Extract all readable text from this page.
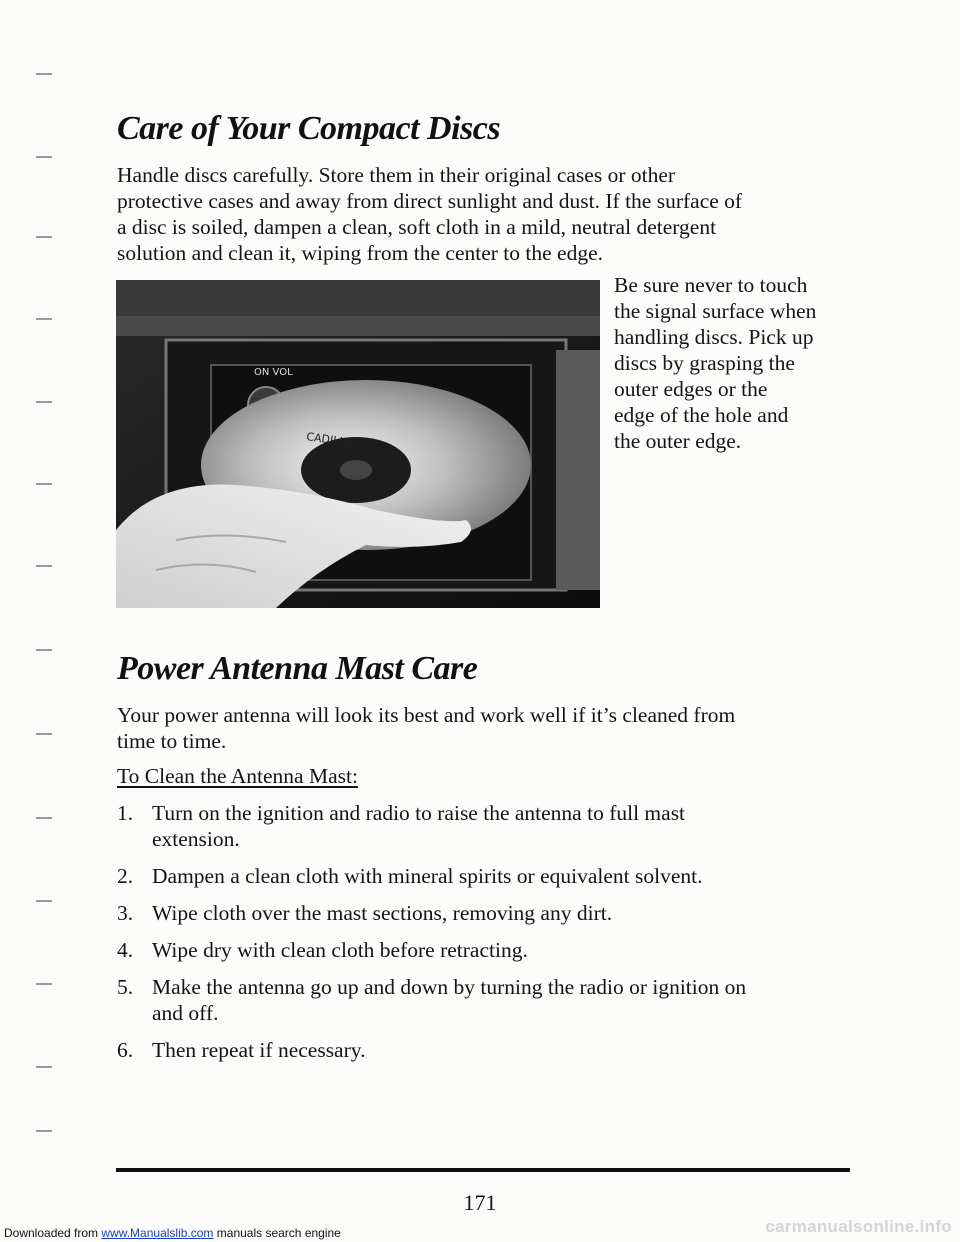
Care of Your Compact Discs
Handle discs carefully. Store them in their original cases or other
protective cases and away from direct sunlight and dust. If the surface of
a disc is soiled, dampen a clean, soft cloth in a mild, neutral detergent
solution and clean it, wiping from the center to the edge.
ON VOL
CADILLAC
Be sure never to touch
the signal surface when
handling discs. Pick up
discs by grasping the
outer edges or the
edge of the hole and
the outer edge.
Power Antenna Mast Care
Your power antenna will look its best and work well if it’s cleaned from
time to time.
To Clean the Antenna Mast:
1. Turn on the ignition and radio to raise the antenna to full mast
extension.
2. Dampen a clean cloth with mineral spirits or equivalent solvent.
3. Wipe cloth over the mast sections, removing any dirt.
4. Wipe dry with clean cloth before retracting.
5. Make the antenna go up and down by turning the radio or ignition on
and off.
6. Then repeat if necessary.
171
Downloaded from www.Manualslib.com manuals search engine	carmanualsonline.info
